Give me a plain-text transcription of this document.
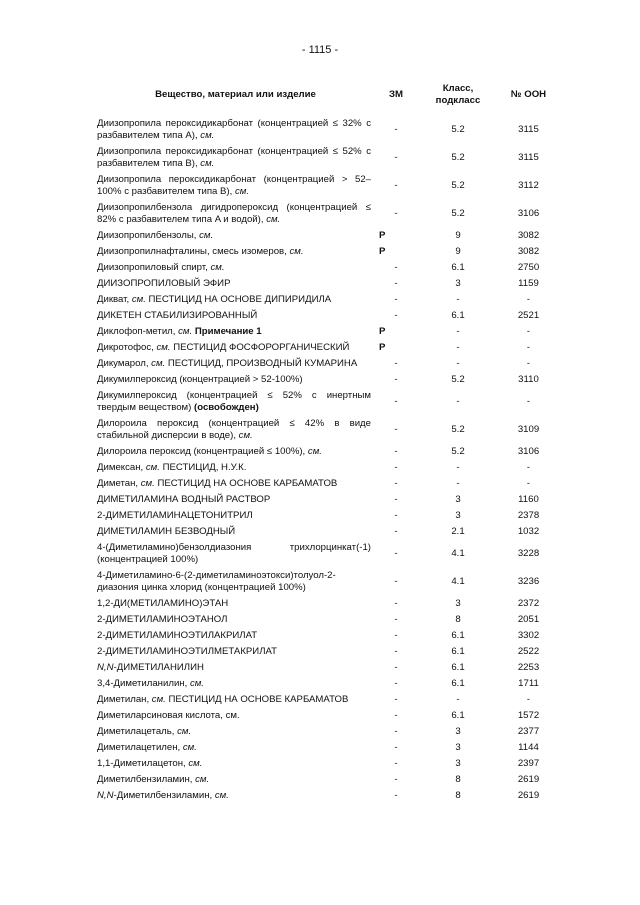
- 1115 -
Вещество, материал или изделие	ЗМ	Класс, подкласс	№ ООН
Диизопропила пероксидикарбонат (концентрацией ≤ 32% с разбавителем типа A), см.	-	5.2	3115
Диизопропила пероксидикарбонат (концентрацией ≤ 52% с разбавителем типа B), см.	-	5.2	3115
Диизопропила пероксидикарбонат (концентрацией > 52–100% с разбавителем типа B), см.	-	5.2	3112
Диизопропилбензола дигидропероксид (концентрацией ≤ 82% с разбавителем типа A и водой), см.	-	5.2	3106
Диизопропилбензолы, см.	P	9	3082
Диизопропилнафталины, смесь изомеров, см.	P	9	3082
Диизопропиловый спирт, см.	-	6.1	2750
ДИИЗОПРОПИЛОВЫЙ ЭФИР	-	3	1159
Дикват, см. ПЕСТИЦИД НА ОСНОВЕ ДИПИРИДИЛА	-	-	-
ДИКЕТЕН СТАБИЛИЗИРОВАННЫЙ	-	6.1	2521
Диклофоп-метил, см. Примечание 1	P	-	-
Дикротофос, см. ПЕСТИЦИД ФОСФОРОРГАНИЧЕСКИЙ	P	-	-
Дикумарол, см. ПЕСТИЦИД, ПРОИЗВОДНЫЙ КУМАРИНА	-	-	-
Дикумилпероксид (концентрацией > 52-100%)	-	5.2	3110
Дикумилпероксид (концентрацией ≤ 52% с инертным твердым веществом) (освобожден)	-	-	-
Дилороила пероксид (концентрацией ≤ 42% в виде стабильной дисперсии в воде), см.	-	5.2	3109
Дилороила пероксид (концентрацией ≤ 100%), см.	-	5.2	3106
Димексан, см. ПЕСТИЦИД, Н.У.К.	-	-	-
Диметан, см. ПЕСТИЦИД НА ОСНОВЕ КАРБАМАТОВ	-	-	-
ДИМЕТИЛАМИНА ВОДНЫЙ РАСТВОР	-	3	1160
2-ДИМЕТИЛАМИНАЦЕТОНИТРИЛ	-	3	2378
ДИМЕТИЛАМИН БЕЗВОДНЫЙ	-	2.1	1032
4-(Диметиламино)бензолдиазония трихлорцинкат(-1) (концентрацией 100%)	-	4.1	3228
4-Диметиламино-6-(2-диметиламиноэтокси)толуол-2-диазония цинка хлорид (концентрацией 100%)	-	4.1	3236
1,2-ДИ(МЕТИЛАМИНО)ЭТАН	-	3	2372
2-ДИМЕТИЛАМИНОЭТАНОЛ	-	8	2051
2-ДИМЕТИЛАМИНОЭТИЛАКРИЛАТ	-	6.1	3302
2-ДИМЕТИЛАМИНОЭТИЛМЕТАКРИЛАТ	-	6.1	2522
N,N-ДИМЕТИЛАНИЛИН	-	6.1	2253
3,4-Диметиланилин, см.	-	6.1	1711
Диметилан, см. ПЕСТИЦИД НА ОСНОВЕ КАРБАМАТОВ	-	-	-
Диметиларсиновая кислота, см.	-	6.1	1572
Диметилацеталь, см.	-	3	2377
Диметилацетилен, см.	-	3	1144
1,1-Диметилацетон, см.	-	3	2397
Диметилбензиламин, см.	-	8	2619
N,N-Диметилбензиламин, см.	-	8	2619
